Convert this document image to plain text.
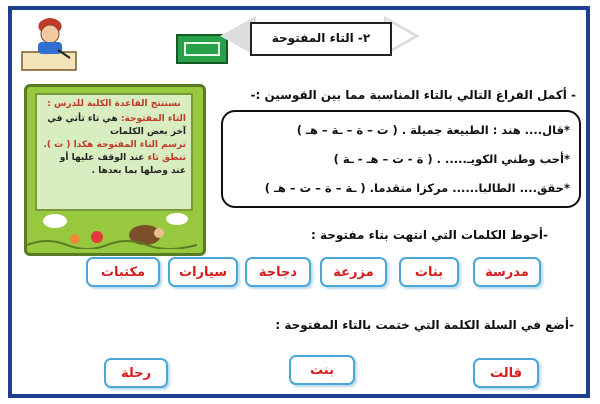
٢- التاء المفتوحة
نستنتج القاعدة الكلية للدرس :
التاء المفتوحة: هي تاء تأتي في آخر بعض الكلمات
ترسم التاء المفتوحة هكذا ( ت ).
تنطق تاء عند الوقف عليها أو عند وصلها بما بعدها .
- أكمل الفراغ التالي بالتاء المناسبة مما بين القوسين :-
*قال.... هند : الطبيعة جميلة . ( ت – ة – ـة – هـ )
*أحب وطني الكويـ..... . ( ة - ت – هـ - ـة )
*حقق.... الطالبا...... مركزا متقدما. ( ـة – ة – ت – هـ )
-أحوط الكلمات التي انتهت بتاء مفتوحة :
مدرسة
بنات
مزرعة
دجاجة
سيارات
مكتبات
-أضع في السلة الكلمة التي ختمت بالتاء المفتوحة :
قالت
بنت
رحلة
